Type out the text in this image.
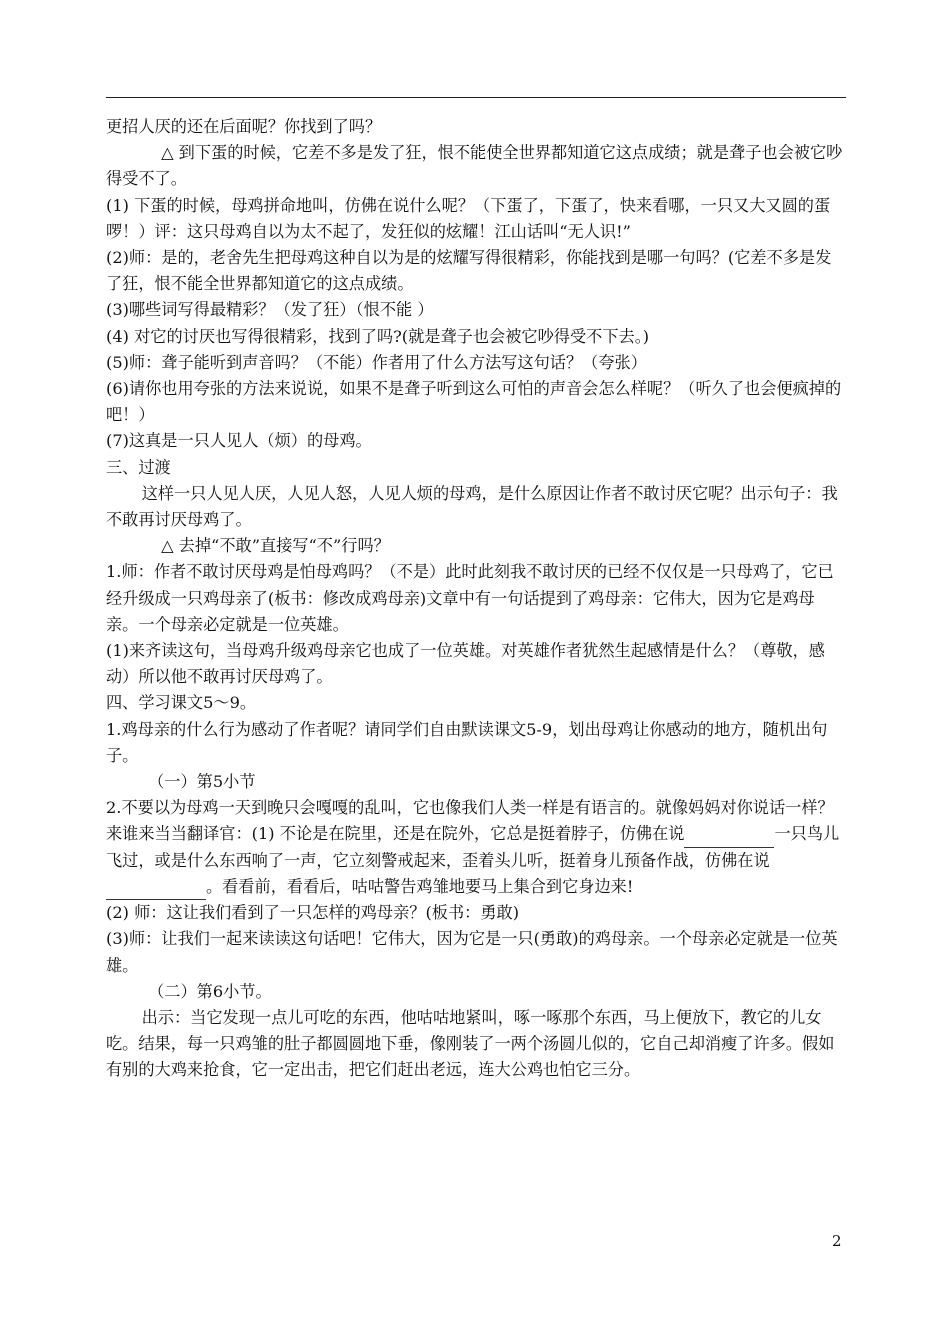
更招人厌的还在后面呢？你找到了吗？

△ 到下蛋的时候，它差不多是发了狂，恨不能使全世界都知道它这点成绩；就是聋子也会被它吵得受不了。

(1) 下蛋的时候，母鸡拼命地叫，仿佛在说什么呢？（下蛋了，下蛋了，快来看哪，一只又大又圆的蛋啰！）评：这只母鸡自以为太不起了，发狂似的炫耀！江山话叫“无人识!”

(2)师：是的，老舍先生把母鸡这种自以为是的炫耀写得很精彩，你能找到是哪一句吗？(它差不多是发了狂，恨不能全世界都知道它的这点成绩。

(3)哪些词写得最精彩？（发了狂）（恨不能 ）

(4) 对它的讨厌也写得很精彩，找到了吗?(就是聋子也会被它吵得受不下去。)

(5)师：聋子能听到声音吗？（不能）作者用了什么方法写这句话？（夸张）

(6)请你也用夸张的方法来说说，如果不是聋子听到这么可怕的声音会怎么样呢？（听久了也会便疯掉的吧！）

(7)这真是一只人见人（烦）的母鸡。

三、过渡

这样一只人见人厌，人见人怒，人见人烦的母鸡，是什么原因让作者不敢讨厌它呢？出示句子：我不敢再讨厌母鸡了。

△ 去掉“不敢”直接写“不”行吗？

1.师：作者不敢讨厌母鸡是怕母鸡吗？（不是）此时此刻我不敢讨厌的已经不仅仅是一只母鸡了，它已经升级成一只鸡母亲了(板书：修改成鸡母亲)文章中有一句话提到了鸡母亲：它伟大，因为它是鸡母亲。一个母亲必定就是一位英雄。

(1)来齐读这句，当母鸡升级鸡母亲它也成了一位英雄。对英雄作者犹然生起感情是什么？（尊敬，感动）所以他不敢再讨厌母鸡了。

四、学习课文5～9。

1.鸡母亲的什么行为感动了作者呢？请同学们自由默读课文5-9，划出母鸡让你感动的地方，随机出句子。

（一）第5小节

2.不要以为母鸡一天到晚只会嘎嘎的乱叫，它也像我们人类一样是有语言的。就像妈妈对你说话一样？来谁来当当翻译官：(1) 不论是在院里，还是在院外，它总是挺着脖子，仿佛在说	一只鸟儿飞过，或是什么东西响了一声，它立刻警戒起来，歪着头儿听，挺着身儿预备作战，仿佛在说。看看前，看看后，咕咕警告鸡雏地要马上集合到它身边来!

(2) 师：这让我们看到了一只怎样的鸡母亲？(板书：勇敢)

(3)师：让我们一起来读读这句话吧！它伟大，因为它是一只(勇敢)的鸡母亲。一个母亲必定就是一位英雄。

（二）第6小节。

出示：当它发现一点儿可吃的东西，他咕咕地紧叫，啄一啄那个东西，马上便放下，教它的儿女吃。结果，每一只鸡雏的肚子都圆圆地下垂，像刚装了一两个汤圆儿似的，它自己却消瘦了许多。假如有别的大鸡来抢食，它一定出击，把它们赶出老远，连大公鸡也怕它三分。

2
